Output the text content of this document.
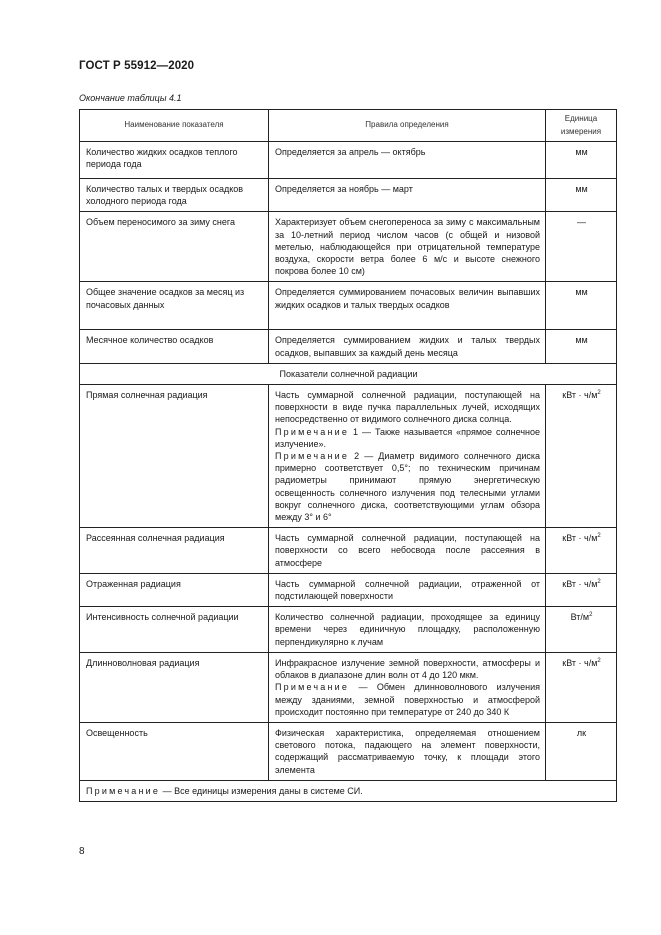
ГОСТ Р 55912—2020
Окончание таблицы 4.1
Наименование показателя	Правила определения	Единица измерения
Количество жидких осадков теплого периода года	Определяется за апрель — октябрь	мм
Количество талых и твердых осадков холодного периода года	Определяется за ноябрь — март	мм
Объем переносимого за зиму снега	Характеризует объем снегопереноса за зиму с максимальным за 10-летний период числом часов (с общей и низовой метелью, наблюдающейся при отрицательной температуре воздуха, скорости ветра более 6 м/с и высоте снежного покрова более 10 см)	—
Общее значение осадков за месяц из почасовых данных	Определяется суммированием почасовых величин выпавших жидких осадков и талых твердых осадков	мм
Месячное количество осадков	Определяется суммированием жидких и талых твердых осадков, выпавших за каждый день месяца	мм
Показатели солнечной радиации		
Прямая солнечная радиация	Часть суммарной солнечной радиации, поступающей на поверхности в виде пучка параллельных лучей, исходящих непосредственно от видимого солнечного диска солнца.
Примечание 1 — Также называется «прямое солнечное излучение».
Примечание 2 — Диаметр видимого солнечного диска примерно соответствует 0,5°; по техническим причинам радиометры принимают прямую энергетическую освещенность солнечного излучения под телесными углами вокруг солнечного диска, соответствующими углам обзора между 3° и 6°	кВт · $ч/м^2$
Рассеянная солнечная радиация	Часть суммарной солнечной радиации, поступающей на поверхности со всего небосвода после рассеяния в атмосфере	кВт · $ч/м^2$
Отраженная радиация	Часть суммарной солнечной радиации, отраженной от подстилающей поверхности	кВт · $ч/м^2$
Интенсивность солнечной радиации	Количество солнечной радиации, проходящее за единицу времени через единичную площадку, расположенную перпендикулярно к лучам	$Вт/м^2$
Длинноволновая радиация	Инфракрасное излучение земной поверхности, атмосферы и облаков в диапазоне длин волн от 4 до 120 мкм.
Примечание — Обмен длинноволнового излучения между зданиями, земной поверхностью и атмосферой происходит постоянно при температуре от 240 до 340 К	кВт · $ч/м^2$
Освещенность	Физическая характеристика, определяемая отношением светового потока, падающего на элемент поверхности, содержащий рассматриваемую точку, к площади этого элемента	лк
Примечание — Все единицы измерения даны в системе СИ.		
8
